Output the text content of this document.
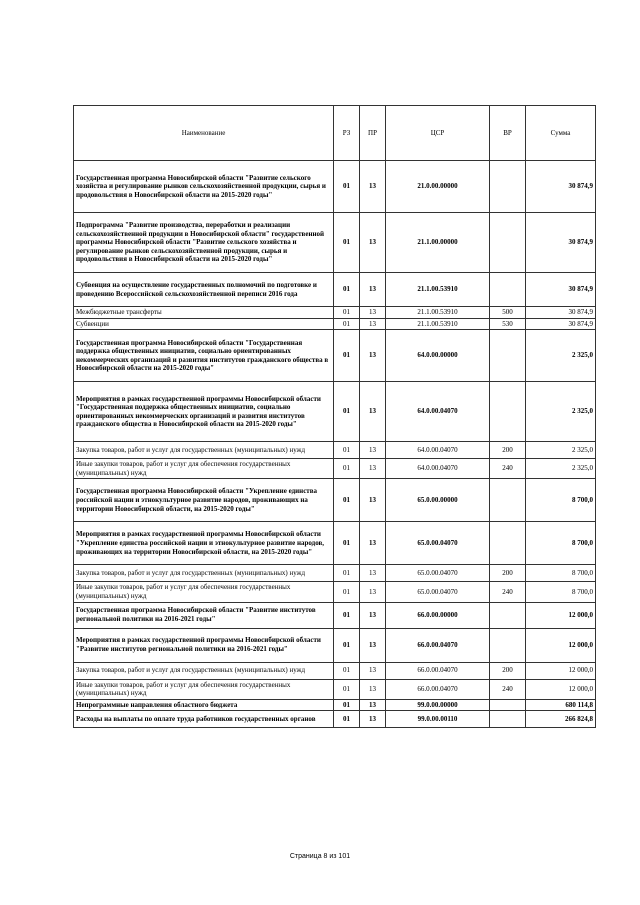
Наименование	РЗ	ПР	ЦСР	ВР	Сумма
Государственная программа Новосибирской области "Развитие сельского хозяйства и регулирование рынков сельскохозяйственной продукции, сырья и продовольствия в Новосибирской области на 2015-2020 годы"	01	13	21.0.00.00000		30 874,9
Подпрограмма "Развитие производства, переработки и реализации сельскохозяйственной продукции в Новосибирской области" государственной программы Новосибирской области "Развитие сельского хозяйства и регулирование рынков сельскохозяйственной продукции, сырья и продовольствия в Новосибирской области на 2015-2020 годы"	01	13	21.1.00.00000		30 874,9
Субвенция на осуществление государственных полномочий по подготовке и проведению Всероссийской сельскохозяйственной переписи 2016 года	01	13	21.1.00.53910		30 874,9
Межбюджетные трансферты	01	13	21.1.00.53910	500	30 874,9
Субвенции	01	13	21.1.00.53910	530	30 874,9
Государственная программа Новосибирской области "Государственная поддержка общественных инициатив, социально ориентированных некоммерческих организаций и развития институтов гражданского общества в Новосибирской области на 2015-2020 годы"	01	13	64.0.00.00000		2 325,0
Мероприятия в рамках государственной программы Новосибирской области "Государственная поддержка общественных инициатив, социально ориентированных некоммерческих организаций и развития институтов гражданского общества в Новосибирской области на 2015-2020 годы"	01	13	64.0.00.04070		2 325,0
Закупка товаров, работ и услуг для государственных (муниципальных) нужд	01	13	64.0.00.04070	200	2 325,0
Иные закупки товаров, работ и услуг для обеспечения государственных (муниципальных) нужд	01	13	64.0.00.04070	240	2 325,0
Государственная программа Новосибирской области "Укрепление единства российской нации и этнокультурное развитие народов, проживающих на территории Новосибирской области, на 2015-2020 годы"	01	13	65.0.00.00000		8 700,0
Мероприятия в рамках государственной программы Новосибирской области "Укрепление единства российской нации и этнокультурное развитие народов, проживающих на территории Новосибирской области, на 2015-2020 годы"	01	13	65.0.00.04070		8 700,0
Закупка товаров, работ и услуг для государственных (муниципальных) нужд	01	13	65.0.00.04070	200	8 700,0
Иные закупки товаров, работ и услуг для обеспечения государственных (муниципальных) нужд	01	13	65.0.00.04070	240	8 700,0
Государственная программа Новосибирской области "Развитие институтов региональной политики на 2016-2021 годы"	01	13	66.0.00.00000		12 000,0
Мероприятия в рамках государственной программы Новосибирской области "Развитие институтов региональной политики на 2016-2021 годы"	01	13	66.0.00.04070		12 000,0
Закупка товаров, работ и услуг для государственных (муниципальных) нужд	01	13	66.0.00.04070	200	12 000,0
Иные закупки товаров, работ и услуг для обеспечения государственных (муниципальных) нужд	01	13	66.0.00.04070	240	12 000,0
Непрограммные направления областного бюджета	01	13	99.0.00.00000		680 114,8
Расходы на выплаты по оплате труда работников государственных органов	01	13	99.0.00.00110		266 824,8
Страница 8 из 101
